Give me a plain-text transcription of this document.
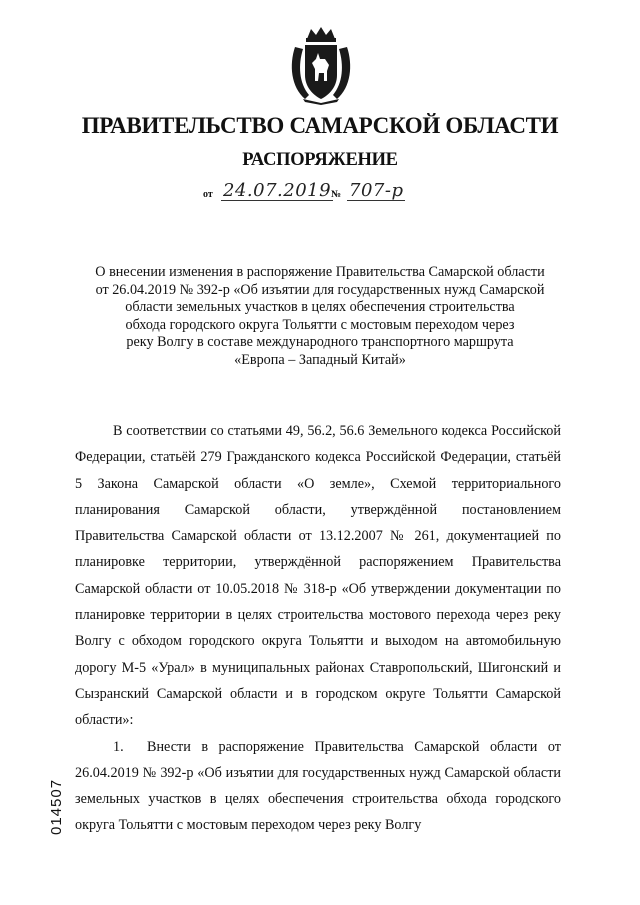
ПРАВИТЕЛЬСТВО САМАРСКОЙ ОБЛАСТИ
РАСПОРЯЖЕНИЕ
от 24.07.2019 № 707-р
О внесении изменения в распоряжение Правительства Самарской области
от 26.04.2019 № 392-р «Об изъятии для государственных нужд Самарской
области земельных участков в целях обеспечения строительства
обхода городского округа Тольятти с мостовым переходом через
реку Волгу в составе международного транспортного маршрута
«Европа – Западный Китай»

В соответствии со статьями 49, 56.2, 56.6 Земельного кодекса Российской Федерации, статьёй 279 Гражданского кодекса Российской Федерации, статьёй 5 Закона Самарской области «О земле», Схемой территориального планирования Самарской области, утверждённой постановлением Правительства Самарской области от 13.12.2007 № 261, документацией по планировке территории, утверждённой распоряжением Правительства Самарской области от 10.05.2018 № 318-р «Об утверждении документации по планировке территории в целях строительства мостового перехода через реку Волгу с обходом городского округа Тольятти и выходом на автомобильную дорогу М-5 «Урал» в муниципальных районах Ставропольский, Шигонский и Сызранский Самарской области и в городском округе Тольятти Самарской области»:

1. Внести в распоряжение Правительства Самарской области от 26.04.2019 № 392-р «Об изъятии для государственных нужд Самарской области земельных участков в целях обеспечения строительства обхода городского округа Тольятти с мостовым переходом через реку Волгу

014507
